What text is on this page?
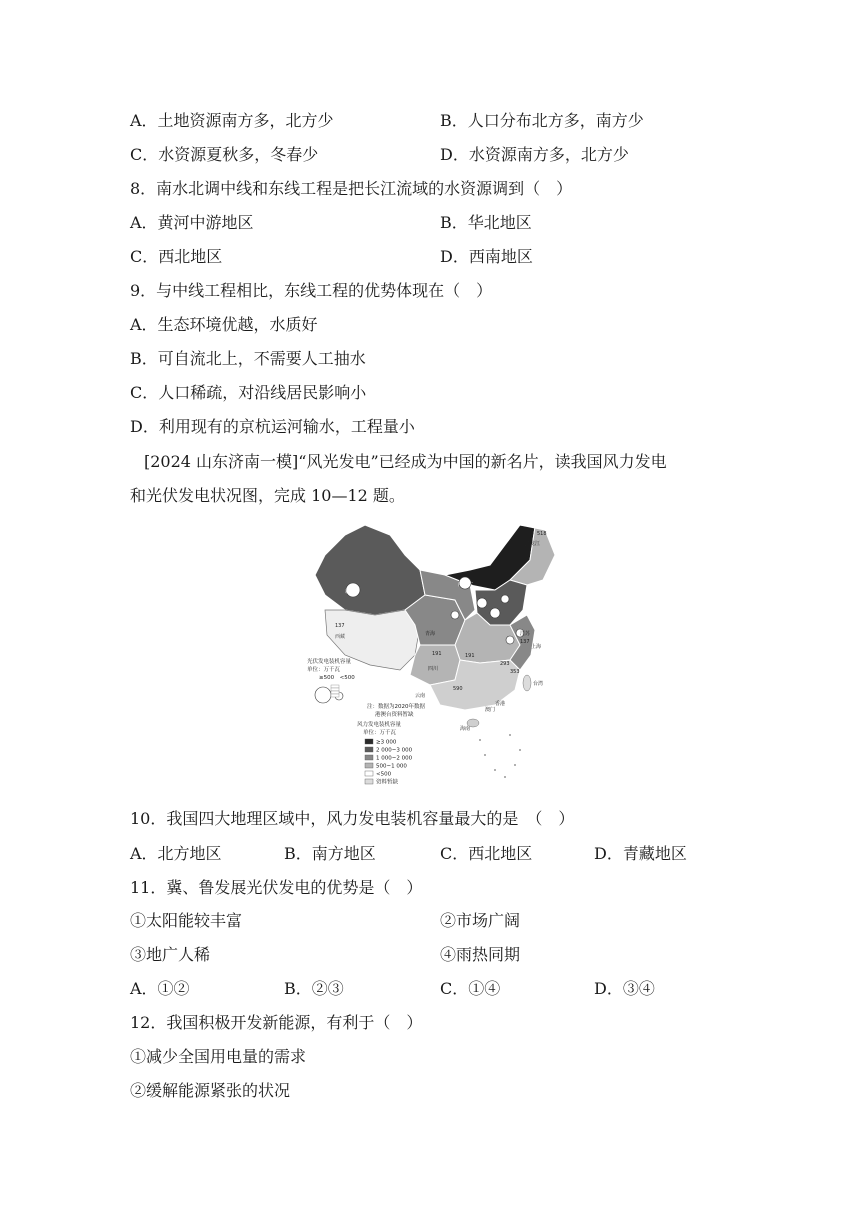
A．土地资源南方多，北方少	B．人口分布北方多，南方少
C．水资源夏秋多，冬春少	D．水资源南方多，北方少
8．南水北调中线和东线工程是把长江流域的水资源调到（　）
A．黄河中游地区	B．华北地区
C．西北地区	D．西南地区
9．与中线工程相比，东线工程的优势体现在（　）
A．生态环境优越，水质好
B．可自流北上，不需要人工抽水
C．人口稀疏，对沿线居民影响小
D．利用现有的京杭运河输水，工程量小
[2024 山东济南一模]“风光发电”已经成为中国的新名片，读我国风力发电
和光伏发电状况图，完成 10—12 题。
新疆
内蒙古
西藏	青海
四川
云南
黑龙江
江苏
上海
香港
澳门
海南
台湾
518
137
191	191
137
590
293
353
光伏发电装机容量
单位：万千瓦
≥500　<500
注：数据为2020年数据
港澳台资料暂缺
风力发电装机容量
单位：万千瓦
≥3 000
2 000~3 000
1 000~2 000
500~1 000
<500
资料暂缺
10．我国四大地理区域中，风力发电装机容量最大的是　（　）
A．北方地区	B．南方地区	C．西北地区	D．青藏地区
11．冀、鲁发展光伏发电的优势是（　）
①太阳能较丰富	②市场广阔
③地广人稀	④雨热同期
A．①②	B．②③	C．①④	D．③④
12．我国积极开发新能源，有利于（　）
①减少全国用电量的需求
②缓解能源紧张的状况
